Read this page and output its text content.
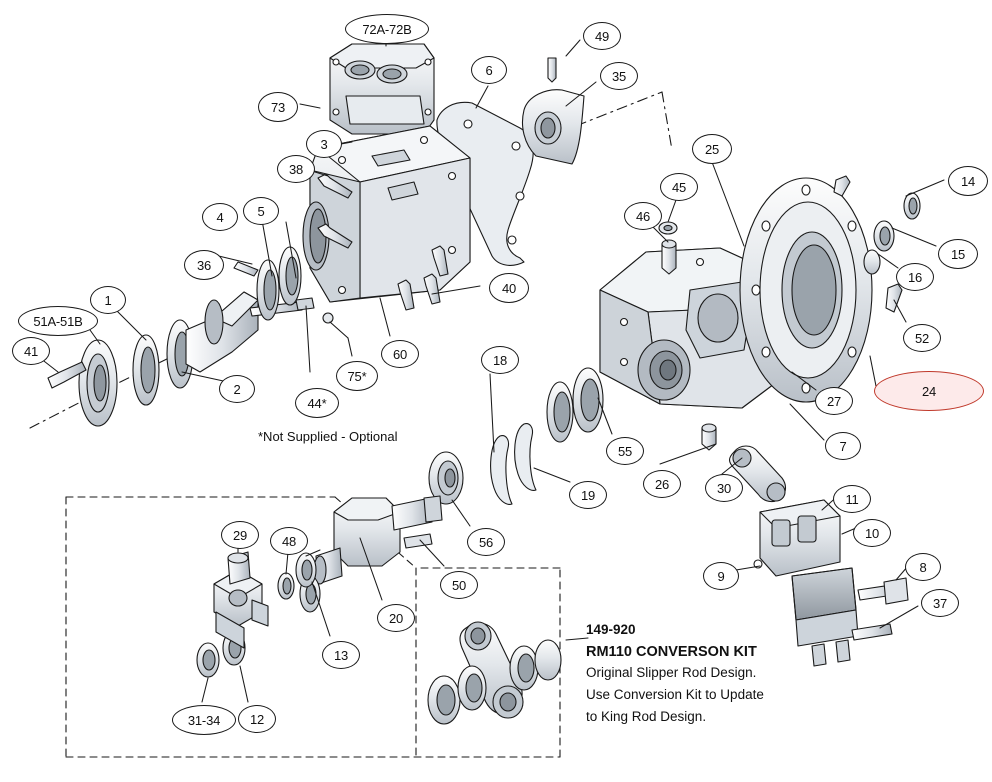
72A-72B	49
6	35
73
3	25
38
14
45
4	5	46
15
36
16
1
40
51A-51B
52
41	60	18
75*
2	24
27
44*
7
55
26
19	30
11
56
10
29	48
9
8
50
20
37
13
31-34	12
*Not Supplied - Optional
149-920
RM110 CONVERSON KIT
Original Slipper Rod Design.
Use Conversion Kit to Update
to King Rod Design.
